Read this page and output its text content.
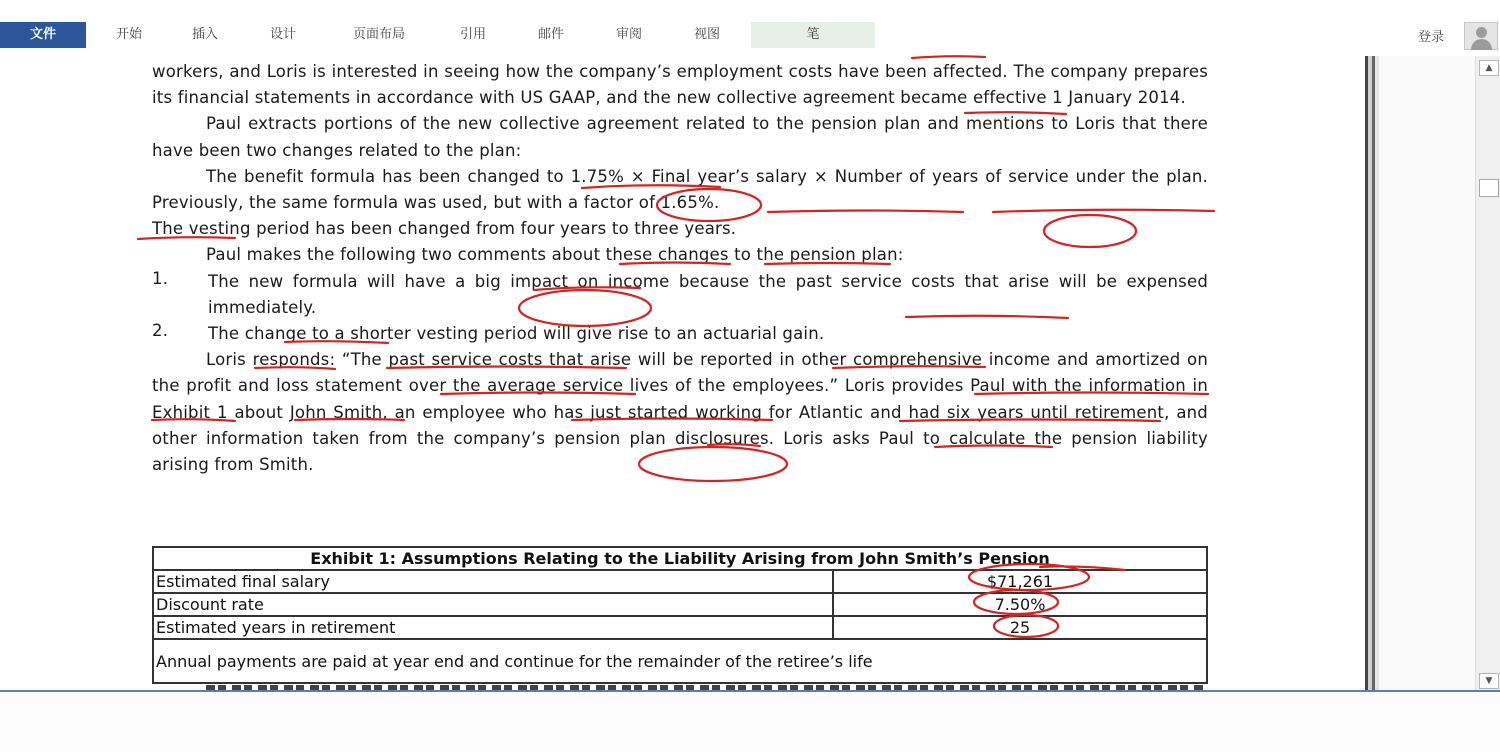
文件	开始	插入	设计	页面布局	引用	邮件	审阅	视图	笔	登录

workers, and Loris is interested in seeing how the company’s employment costs have been affected. The company prepares its financial statements in accordance with US GAAP, and the new collective agreement became effective 1 January 2014.

Paul extracts portions of the new collective agreement related to the pension plan and mentions to Loris that there have been two changes related to the plan:

The benefit formula has been changed to 1.75% × Final year’s salary × Number of years of service under the plan. Previously, the same formula was used, but with a factor of 1.65%.

The vesting period has been changed from four years to three years.

Paul makes the following two comments about these changes to the pension plan:

1. The new formula will have a big impact on income because the past service costs that arise will be expensed immediately.

2. The change to a shorter vesting period will give rise to an actuarial gain.

Loris responds: “The past service costs that arise will be reported in other comprehensive income and amortized on the profit and loss statement over the average service lives of the employees.” Loris provides Paul with the information in Exhibit 1 about John Smith, an employee who has just started working for Atlantic and had six years until retirement, and other information taken from the company’s pension plan disclosures. Loris asks Paul to calculate the pension liability arising from Smith.

Exhibit 1: Assumptions Relating to the Liability Arising from John Smith’s Pension	
Estimated final salary	$71,261
Discount rate	7.50%
Estimated years in retirement	25
Annual payments are paid at year end and continue for the remainder of the retiree’s life	
▲
▼
